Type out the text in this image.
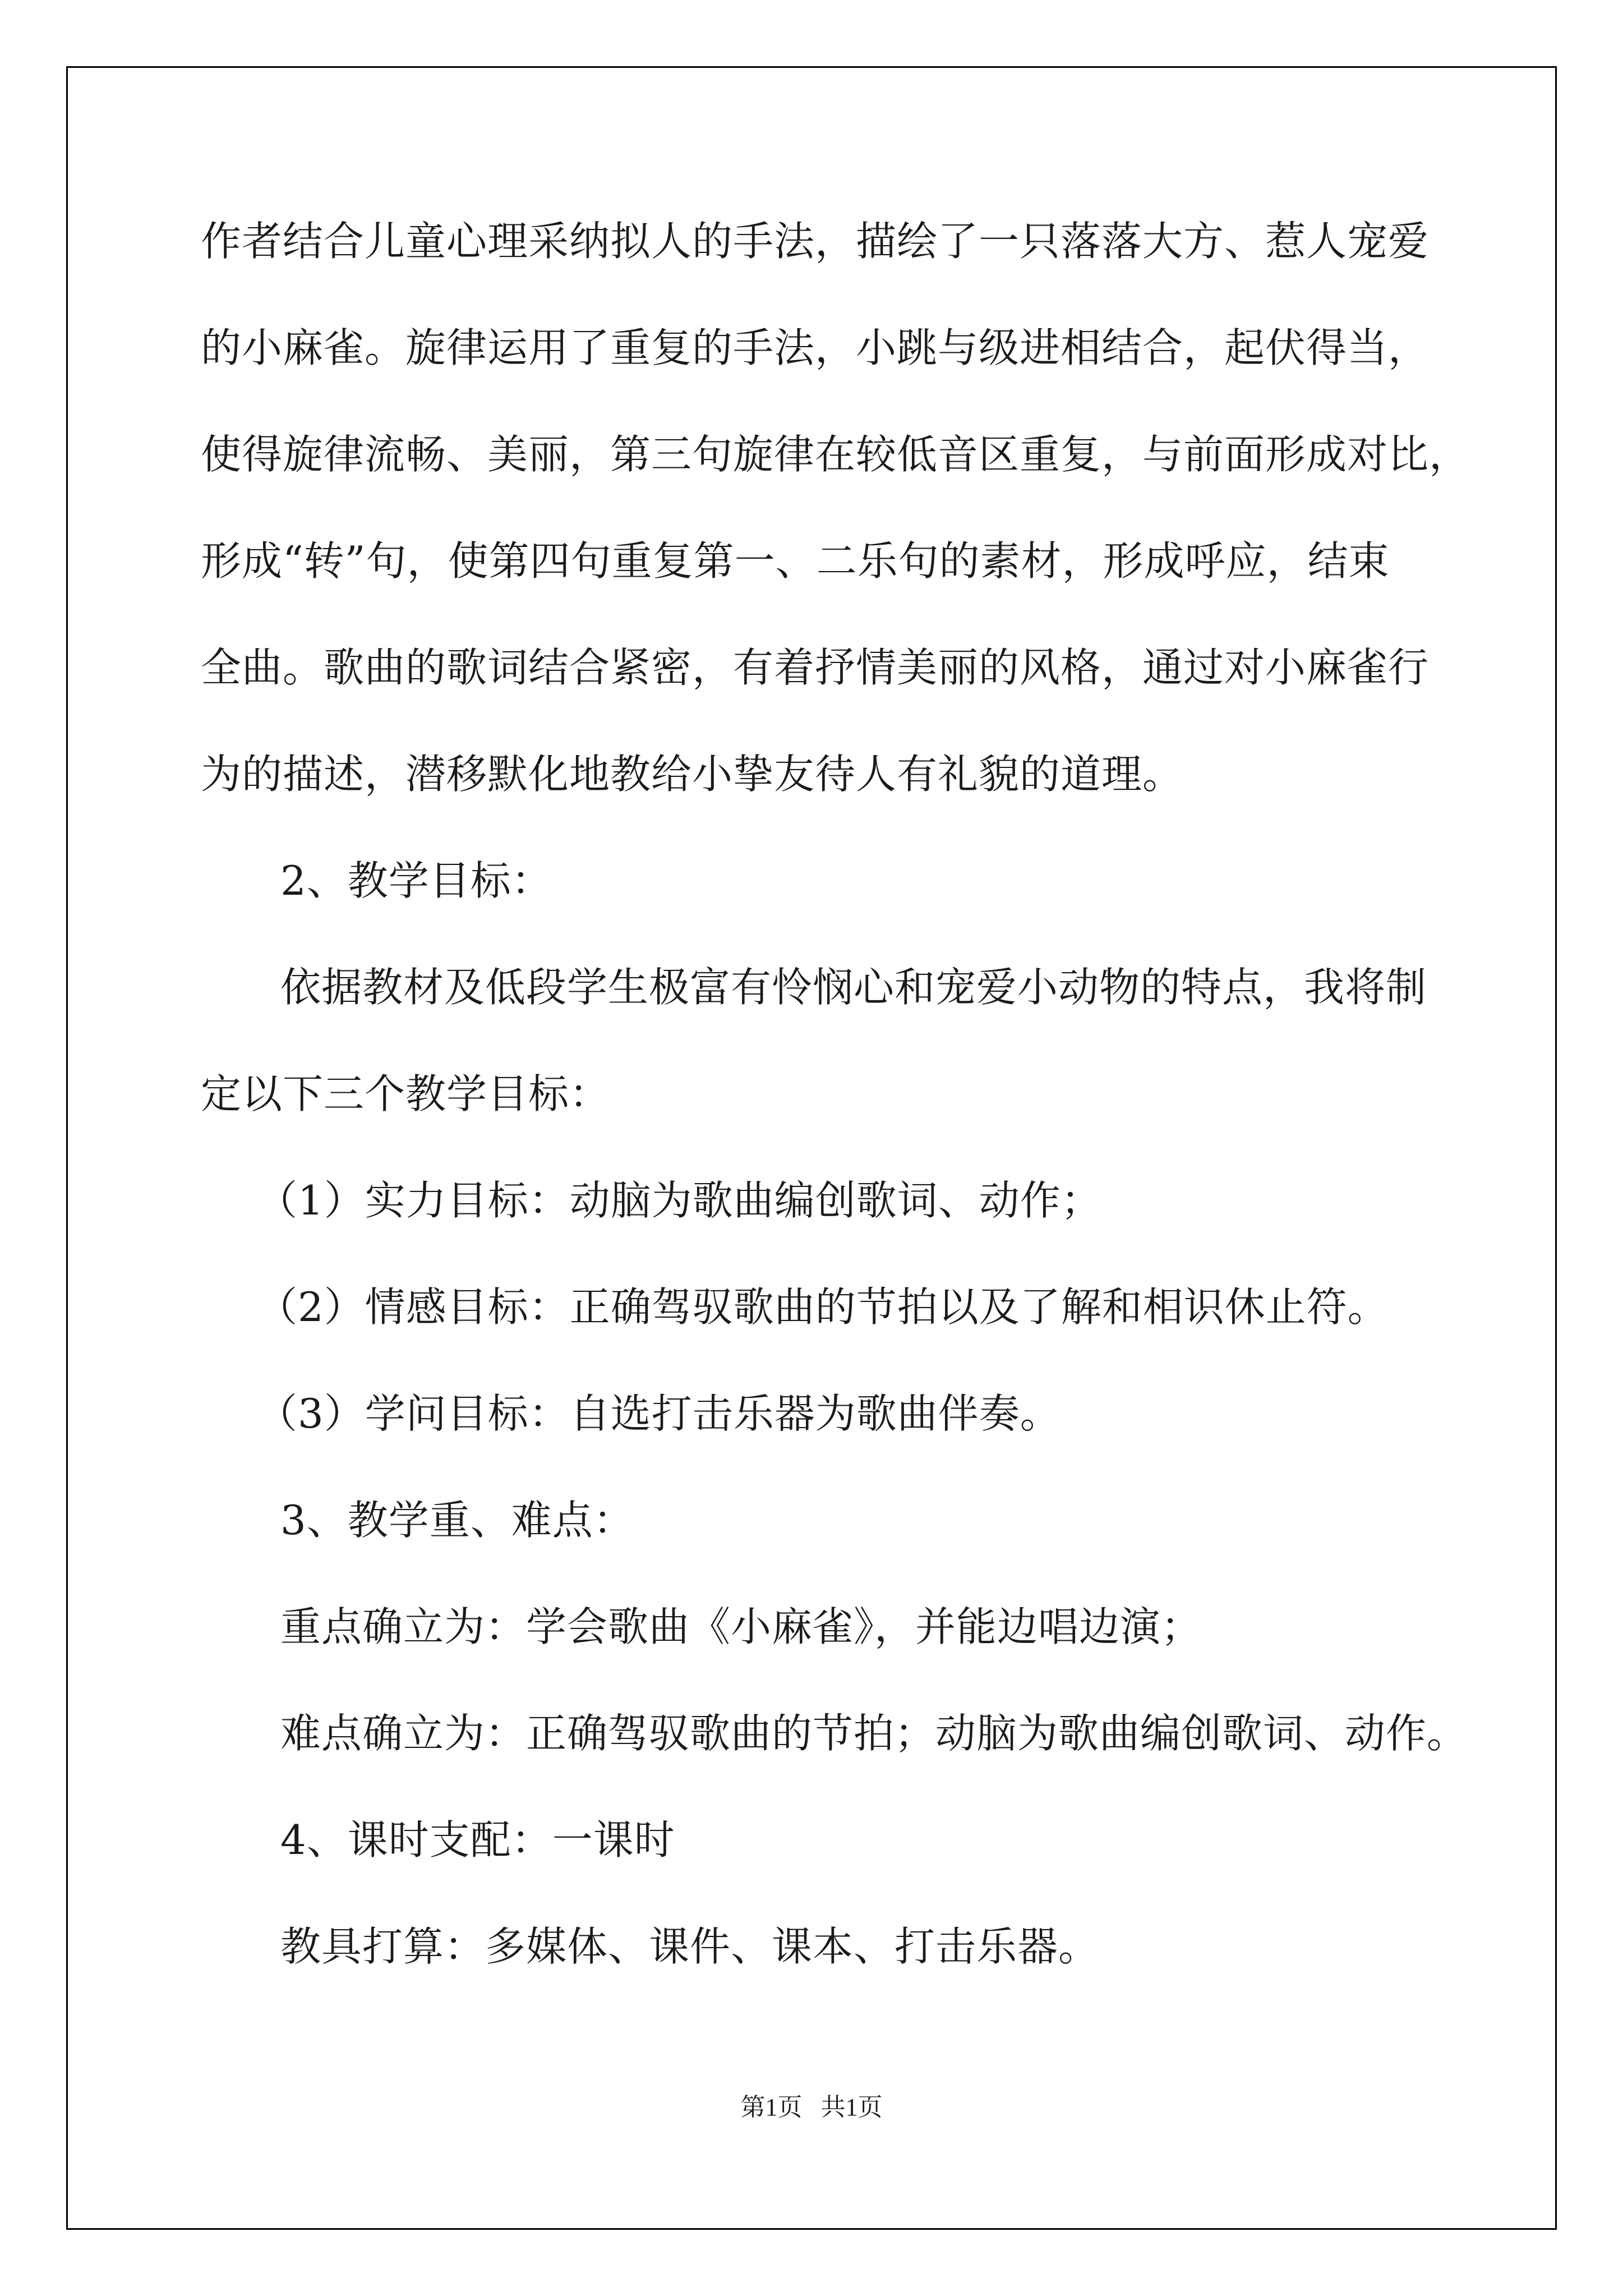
作者结合儿童心理采纳拟人的手法，描绘了一只落落大方、惹人宠爱
的小麻雀。旋律运用了重复的手法，小跳与级进相结合，起伏得当，
使得旋律流畅、美丽，第三句旋律在较低音区重复，与前面形成对比，
形成“转”句，使第四句重复第一、二乐句的素材，形成呼应，结束
全曲。歌曲的歌词结合紧密，有着抒情美丽的风格，通过对小麻雀行
为的描述，潜移默化地教给小挚友待人有礼貌的道理。
2、教学目标：
依据教材及低段学生极富有怜悯心和宠爱小动物的特点，我将制
定以下三个教学目标：
（1）实力目标：动脑为歌曲编创歌词、动作；
（2）情感目标：正确驾驭歌曲的节拍以及了解和相识休止符。
（3）学问目标：自选打击乐器为歌曲伴奏。
3、教学重、难点：
重点确立为：学会歌曲《小麻雀》，并能边唱边演；
难点确立为：正确驾驭歌曲的节拍；动脑为歌曲编创歌词、动作。
4、课时支配：一课时
教具打算：多媒体、课件、课本、打击乐器。
第1页   共1页
